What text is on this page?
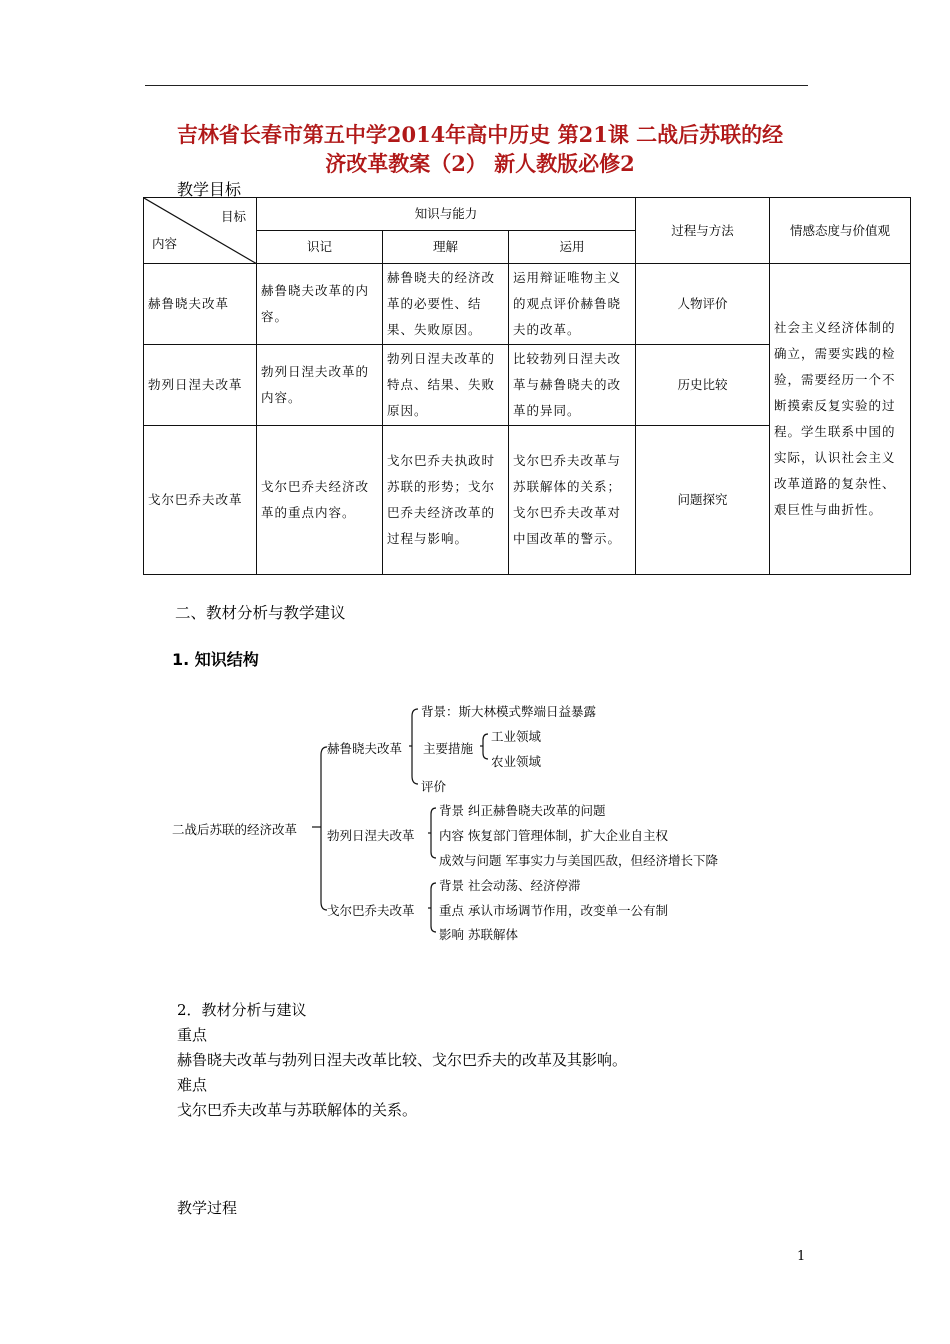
吉林省长春市第五中学2014年高中历史 第21课 二战后苏联的经
济改革教案（2） 新人教版必修2
教学目标
目标
内容	知识与能力			过程与方法	情感态度与价值观
	识记	理解	运用		
赫鲁晓夫改革	赫鲁晓夫改革的内容。	赫鲁晓夫的经济改革的必要性、结果、失败原因。	运用辩证唯物主义的观点评价赫鲁晓夫的改革。	人物评价	社会主义经济体制的确立，需要实践的检验，需要经历一个不断摸索反复实验的过程。学生联系中国的实际，认识社会主义改革道路的复杂性、艰巨性与曲折性。
勃列日涅夫改革	勃列日涅夫改革的内容。	勃列日涅夫改革的特点、结果、失败原因。	比较勃列日涅夫改革与赫鲁晓夫的改革的异同。	历史比较	
戈尔巴乔夫改革	戈尔巴乔夫经济改革的重点内容。	戈尔巴乔夫执政时苏联的形势；戈尔巴乔夫经济改革的过程与影响。	戈尔巴乔夫改革与苏联解体的关系；戈尔巴乔夫改革对中国改革的警示。	问题探究	
二、教材分析与教学建议
1. 知识结构
二战后苏联的经济改革
赫鲁晓夫改革
背景：斯大林模式弊端日益暴露
主要措施
工业领域
农业领域
评价
勃列日涅夫改革
背景 纠正赫鲁晓夫改革的问题
内容 恢复部门管理体制，扩大企业自主权
成效与问题 军事实力与美国匹敌，但经济增长下降
戈尔巴乔夫改革
背景 社会动荡、经济停滞
重点 承认市场调节作用，改变单一公有制
影响 苏联解体
2．教材分析与建议
重点
赫鲁晓夫改革与勃列日涅夫改革比较、戈尔巴乔夫的改革及其影响。
难点
戈尔巴乔夫改革与苏联解体的关系。
教学过程
1
